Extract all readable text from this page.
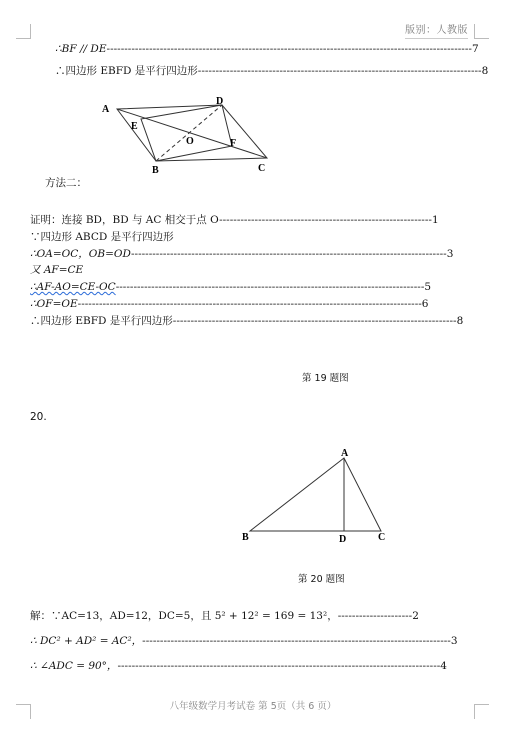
版别：人教版
∴BF // DE-------------------------------------------------------------------------------------------------------7
∴四边形 EBFD 是平行四边形--------------------------------------------------------------------------------8
A
D
E
O	F
B	C
方法二：
证明：连接 BD，BD 与 AC 相交于点 O------------------------------------------------------------1
∵四边形 ABCD 是平行四边形
∴OA=OC，OB=OD-----------------------------------------------------------------------------------------3
又 AF=CE
∴AF-AO=CE-OC---------------------------------------------------------------------------------------5
∴OF=OE-------------------------------------------------------------------------------------------------6
∴四边形 EBFD 是平行四边形--------------------------------------------------------------------------------8
第 19 题图
20.
A
B	D	C
第 20 题图
解：∵AC=13，AD=12，DC=5，且 5² + 12² = 169 = 13²，---------------------2
∴ DC² + AD² = AC²，---------------------------------------------------------------------------------------3
∴ ∠ADC = 90°，-------------------------------------------------------------------------------------------4
八年级数学月考试卷 第 5页（共 6 页）
